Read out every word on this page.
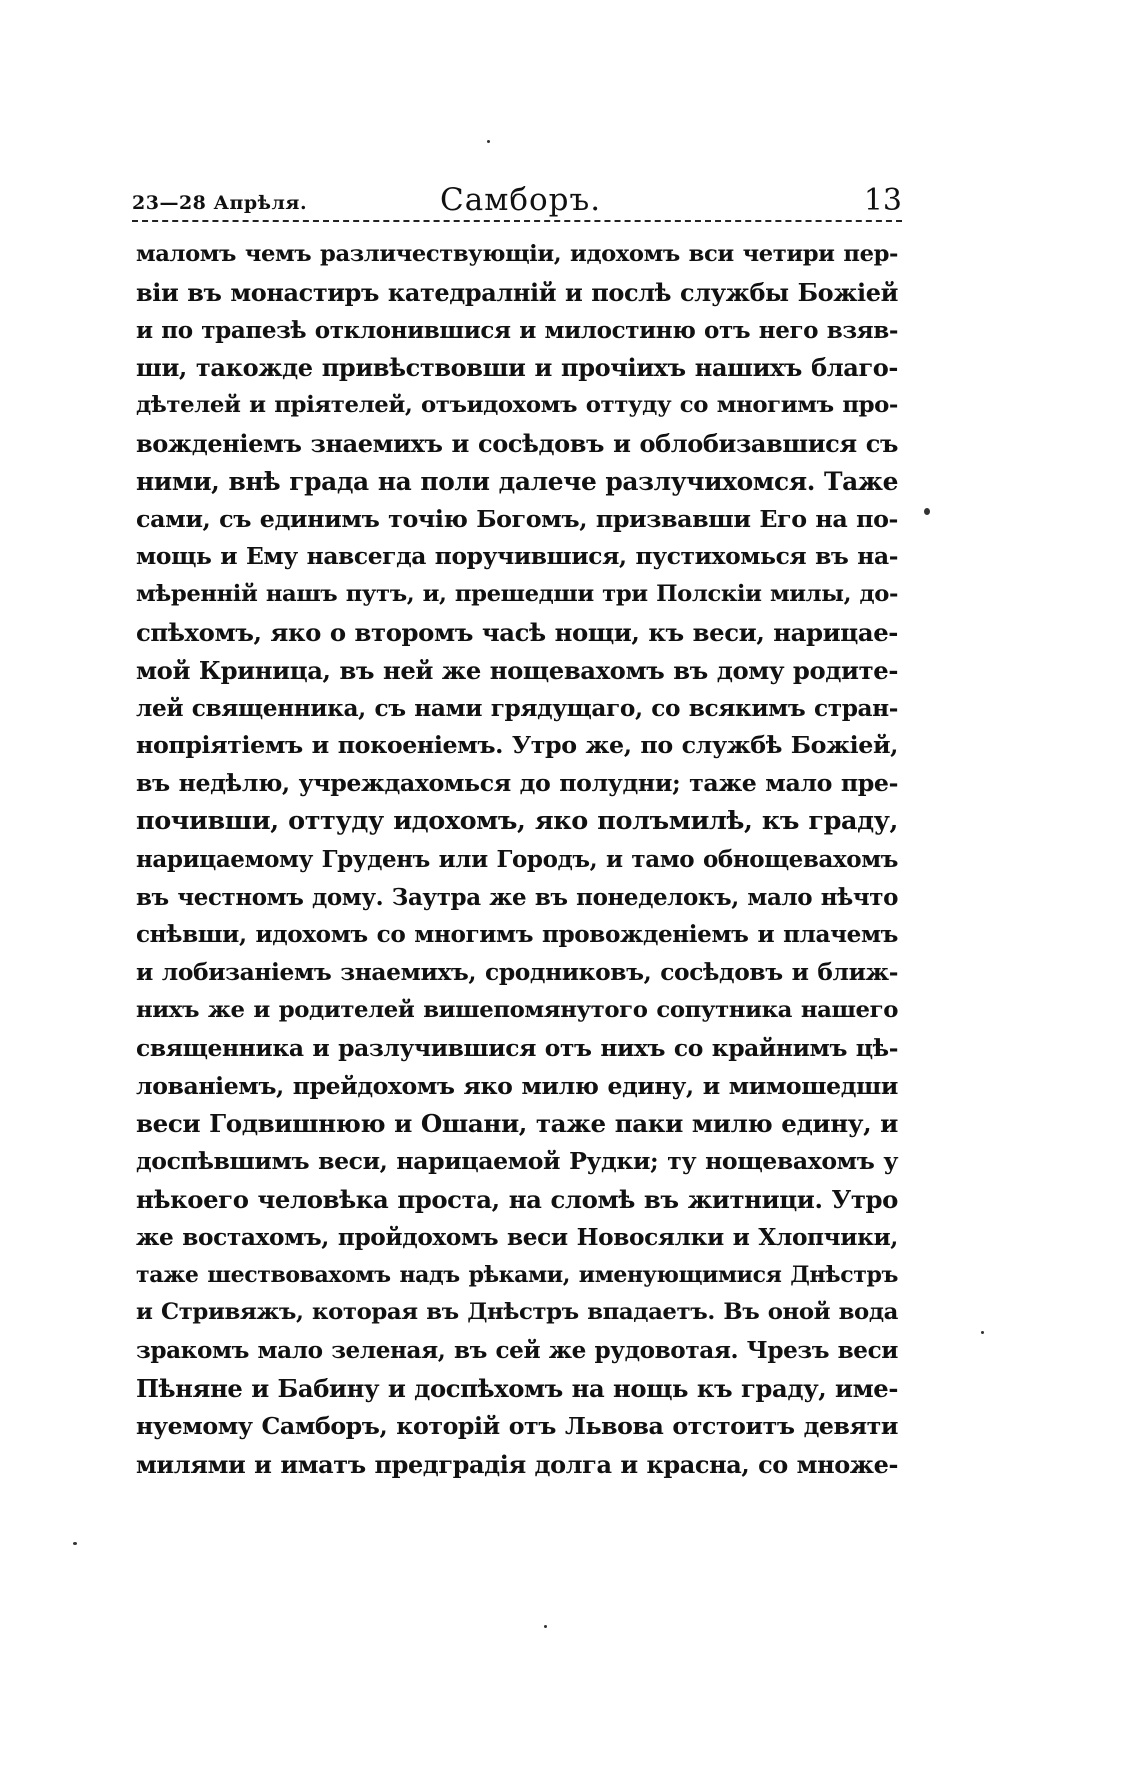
23—28 Апрѣля.	Самборъ.	13
маломъ чемъ различествующіи, идохомъ вси четири пер-
віи въ монастиръ катедралній и послѣ службы Божіей
и по трапезѣ отклонившися и милостиню отъ него взяв-
ши, такожде привѣствовши и прочіихъ нашихъ благо-
дѣтелей и пріятелей, отъидохомъ оттуду со многимъ про-
вожденіемъ знаемихъ и сосѣдовъ и облобизавшися съ
ними, внѣ града на поли далече разлучихомся. Таже
сами, съ единимъ точію Богомъ, призвавши Его на по-
мощь и Ему навсегда поручившися, пустихомься въ на-
мѣренній нашъ путъ, и, прешедши три Полскіи милы, до-
спѣхомъ, яко о второмъ часѣ нощи, къ веси, нарицае-
мой Криница, въ ней же нощевахомъ въ дому родите-
лей священника, съ нами грядущаго, со всякимъ стран-
нопріятіемъ и покоеніемъ. Утро же, по службѣ Божіей,
въ недѣлю, учреждахомься до полудни; таже мало пре-
почивши, оттуду идохомъ, яко полъмилѣ, къ граду,
нарицаемому Груденъ или Городъ, и тамо обнощевахомъ
въ честномъ дому. Заутра же въ понеделокъ, мало нѣчто
снѣвши, идохомъ со многимъ провожденіемъ и плачемъ
и лобизаніемъ знаемихъ, сродниковъ, сосѣдовъ и ближ-
нихъ же и родителей вишепомянутого сопутника нашего
священника и разлучившися отъ нихъ со крайнимъ цѣ-
лованіемъ, прейдохомъ яко милю едину, и мимошедши
веси Годвишнюю и Ошани, таже паки милю едину, и
доспѣвшимъ веси, нарицаемой Рудки; ту нощевахомъ у
нѣкоего человѣка проста, на сломѣ въ житници. Утро
же востахомъ, пройдохомъ веси Новосялки и Хлопчики,
таже шествовахомъ надъ рѣками, именующимися Днѣстръ
и Стривяжъ, которая въ Днѣстръ впадаетъ. Въ оной вода
зракомъ мало зеленая, въ сей же рудовотая. Чрезъ веси
Пѣняне и Бабину и доспѣхомъ на нощь къ граду, име-
нуемому Самборъ, которій отъ Львова отстоитъ девяти
милями и иматъ предградія долга и красна, со множе-
